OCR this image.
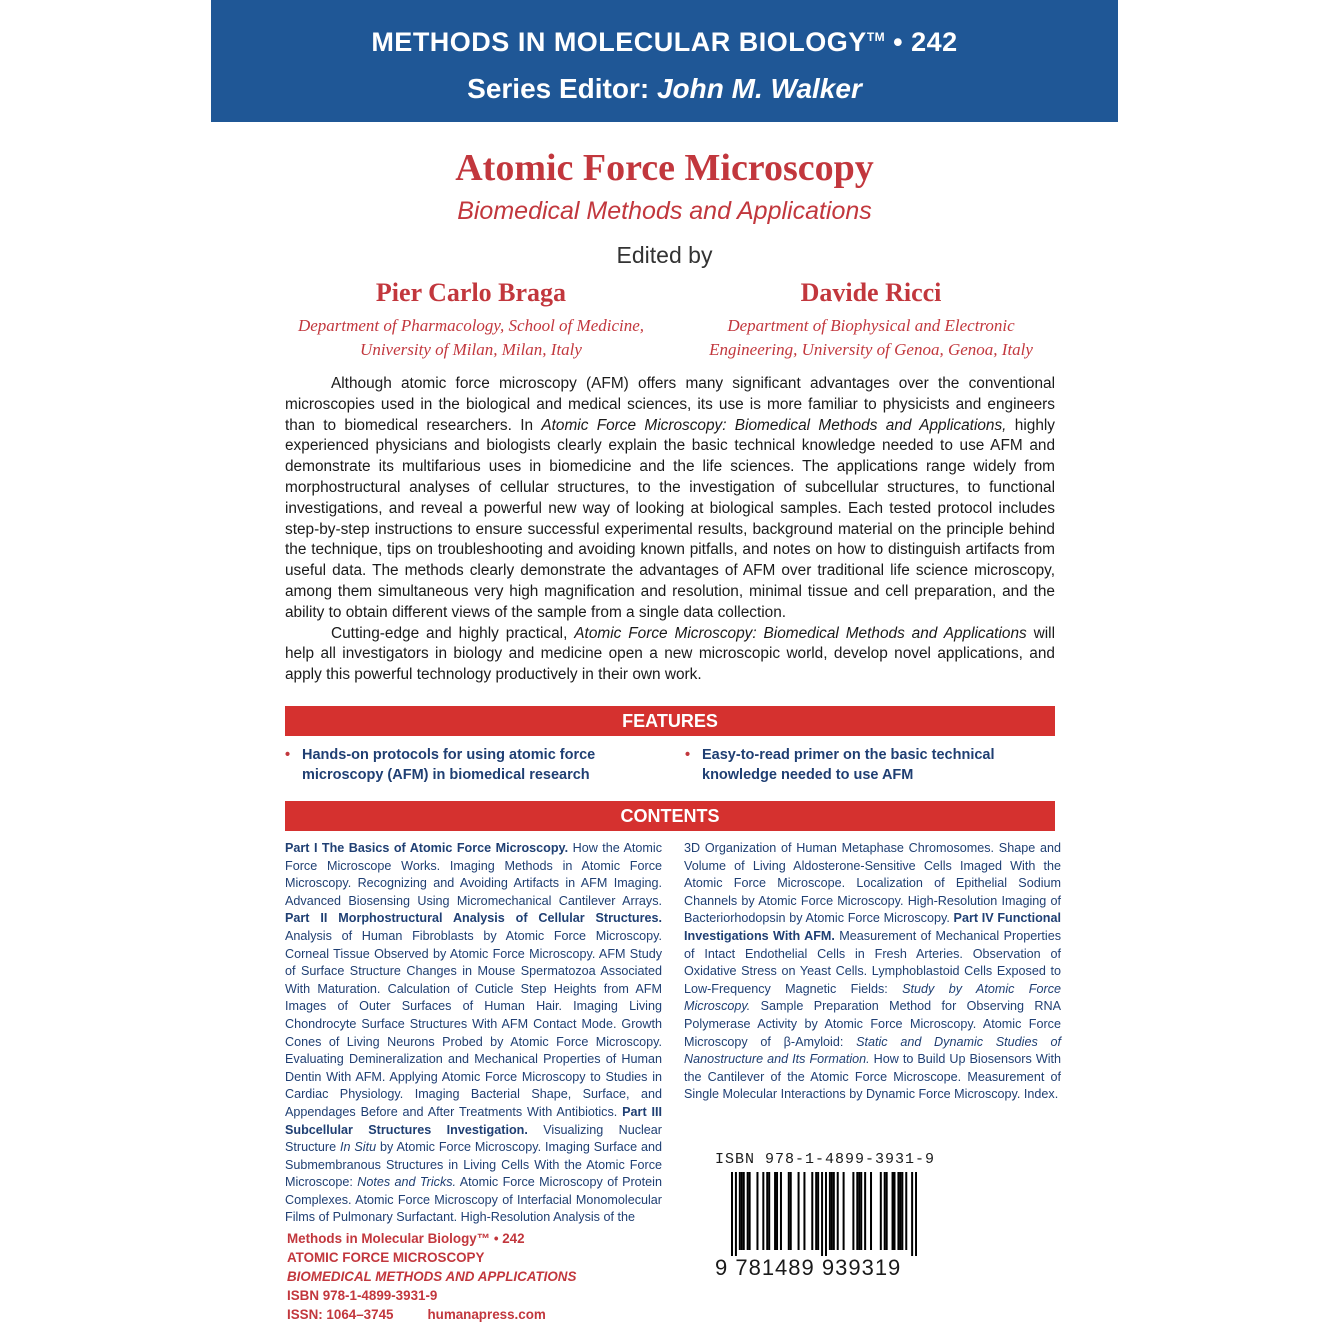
METHODS IN MOLECULAR BIOLOGY™ • 242
Series Editor: John M. Walker
Atomic Force Microscopy
Biomedical Methods and Applications
Edited by
Pier Carlo Braga
Department of Pharmacology, School of Medicine,
University of Milan, Milan, Italy
Davide Ricci
Department of Biophysical and Electronic
Engineering, University of Genoa, Genoa, Italy

Although atomic force microscopy (AFM) offers many significant advantages over the conventional microscopies used in the biological and medical sciences, its use is more familiar to physicists and engineers than to biomedical researchers. In Atomic Force Microscopy: Biomedical Methods and Applications, highly experienced physicians and biologists clearly explain the basic technical knowledge needed to use AFM and demonstrate its multifarious uses in biomedicine and the life sciences. The applications range widely from morphostructural analyses of cellular structures, to the investigation of subcellular structures, to functional investigations, and reveal a powerful new way of looking at biological samples. Each tested protocol includes step-by-step instructions to ensure successful experimental results, background material on the principle behind the technique, tips on troubleshooting and avoiding known pitfalls, and notes on how to distinguish artifacts from useful data. The methods clearly demonstrate the advantages of AFM over traditional life science microscopy, among them simultaneous very high magnification and resolution, minimal tissue and cell preparation, and the ability to obtain different views of the sample from a single data collection.

Cutting-edge and highly practical, Atomic Force Microscopy: Biomedical Methods and Applications will help all investigators in biology and medicine open a new microscopic world, develop novel applications, and apply this powerful technology productively in their own work.

FEATURES
• Hands-on protocols for using atomic force microscopy (AFM) in biomedical research
• Easy-to-read primer on the basic technical knowledge needed to use AFM
CONTENTS
Part I The Basics of Atomic Force Microscopy. How the Atomic Force Microscope Works. Imaging Methods in Atomic Force Microscopy. Recognizing and Avoiding Artifacts in AFM Imaging. Advanced Biosensing Using Micromechanical Cantilever Arrays. Part II Morphostructural Analysis of Cellular Structures. Analysis of Human Fibroblasts by Atomic Force Microscopy. Corneal Tissue Observed by Atomic Force Microscopy. AFM Study of Surface Structure Changes in Mouse Spermatozoa Associated With Maturation. Calculation of Cuticle Step Heights from AFM Images of Outer Surfaces of Human Hair. Imaging Living Chondrocyte Surface Structures With AFM Contact Mode. Growth Cones of Living Neurons Probed by Atomic Force Microscopy. Evaluating Demineralization and Mechanical Properties of Human Dentin With AFM. Applying Atomic Force Microscopy to Studies in Cardiac Physiology. Imaging Bacterial Shape, Surface, and Appendages Before and After Treatments With Antibiotics. Part III Subcellular Structures Investigation. Visualizing Nuclear Structure In Situ by Atomic Force Microscopy. Imaging Surface and Submembranous Structures in Living Cells With the Atomic Force Microscope: Notes and Tricks. Atomic Force Microscopy of Protein Complexes. Atomic Force Microscopy of Interfacial Monomolecular Films of Pulmonary Surfactant. High-Resolution Analysis of the
3D Organization of Human Metaphase Chromosomes. Shape and Volume of Living Aldosterone-Sensitive Cells Imaged With the Atomic Force Microscope. Localization of Epithelial Sodium Channels by Atomic Force Microscopy. High-Resolution Imaging of Bacteriorhodopsin by Atomic Force Microscopy. Part IV Functional Investigations With AFM. Measurement of Mechanical Properties of Intact Endothelial Cells in Fresh Arteries. Observation of Oxidative Stress on Yeast Cells. Lymphoblastoid Cells Exposed to Low-Frequency Magnetic Fields: Study by Atomic Force Microscopy. Sample Preparation Method for Observing RNA Polymerase Activity by Atomic Force Microscopy. Atomic Force Microscopy of β-Amyloid: Static and Dynamic Studies of Nanostructure and Its Formation. How to Build Up Biosensors With the Cantilever of the Atomic Force Microscope. Measurement of Single Molecular Interactions by Dynamic Force Microscopy. Index.
Methods in Molecular Biology™ • 242
ATOMIC FORCE MICROSCOPY
BIOMEDICAL METHODS AND APPLICATIONS
ISBN 978-1-4899-3931-9
ISSN: 1064–3745	humanapress.com
ISBN 978-1-4899-3931-9
9 781489 939319
